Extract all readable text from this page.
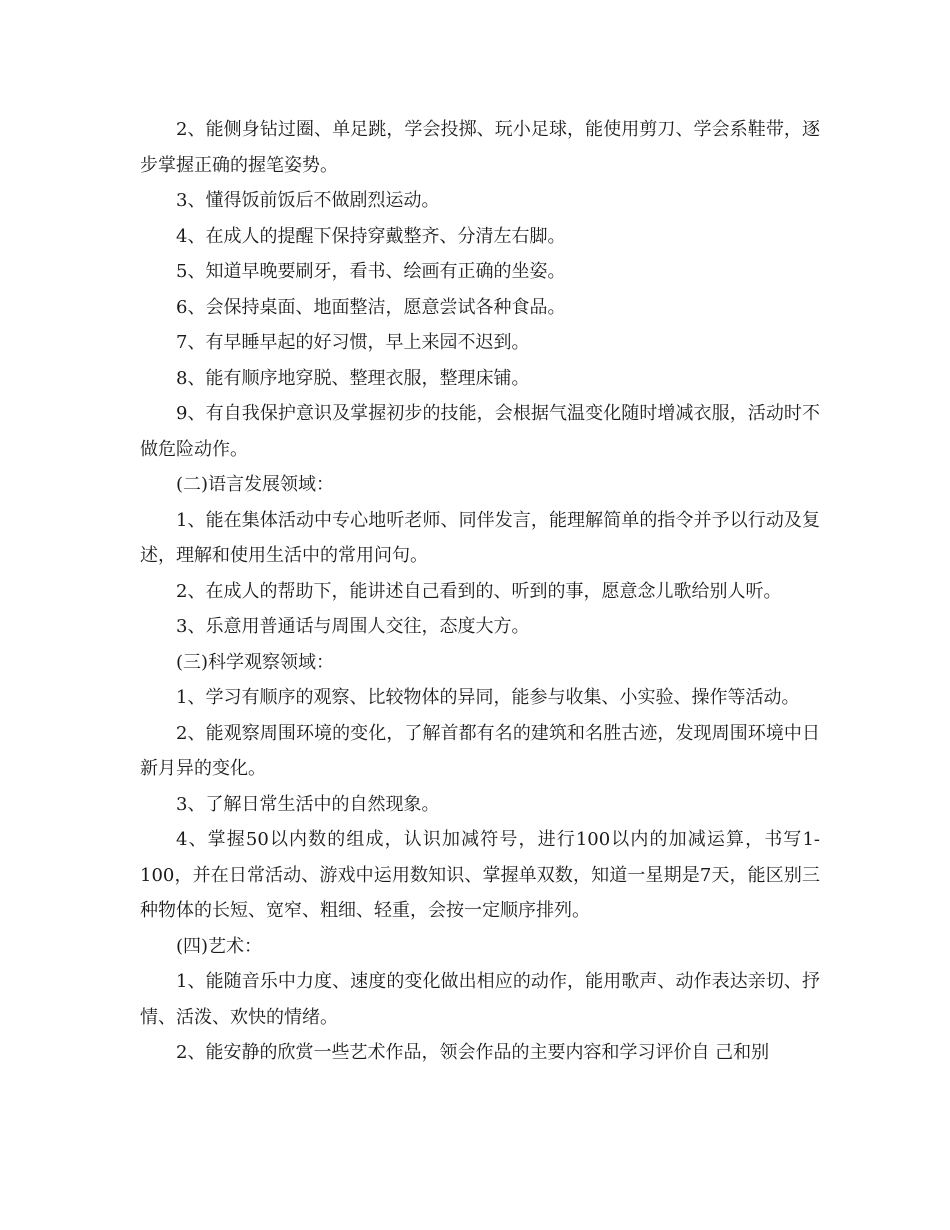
2、能侧身钻过圈、单足跳，学会投掷、玩小足球，能使用剪刀、学会系鞋带，逐步掌握正确的握笔姿势。

3、懂得饭前饭后不做剧烈运动。

4、在成人的提醒下保持穿戴整齐、分清左右脚。

5、知道早晚要刷牙，看书、绘画有正确的坐姿。

6、会保持桌面、地面整洁，愿意尝试各种食品。

7、有早睡早起的好习惯，早上来园不迟到。

8、能有顺序地穿脱、整理衣服，整理床铺。

9、有自我保护意识及掌握初步的技能，会根据气温变化随时增减衣服，活动时不做危险动作。

(二)语言发展领域：

1、能在集体活动中专心地听老师、同伴发言，能理解简单的指令并予以行动及复述，理解和使用生活中的常用问句。

2、在成人的帮助下，能讲述自己看到的、听到的事，愿意念儿歌给别人听。

3、乐意用普通话与周围人交往，态度大方。

(三)科学观察领域：

1、学习有顺序的观察、比较物体的异同，能参与收集、小实验、操作等活动。

2、能观察周围环境的变化，了解首都有名的建筑和名胜古迹，发现周围环境中日新月异的变化。

3、了解日常生活中的自然现象。

4、掌握50以内数的组成，认识加减符号，进行100以内的加减运算，书写1-100，并在日常活动、游戏中运用数知识、掌握单双数，知道一星期是7天，能区别三种物体的长短、宽窄、粗细、轻重，会按一定顺序排列。

(四)艺术：

1、能随音乐中力度、速度的变化做出相应的动作，能用歌声、动作表达亲切、抒情、活泼、欢快的情绪。

2、能安静的欣赏一些艺术作品，领会作品的主要内容和学习评价自 己和别
